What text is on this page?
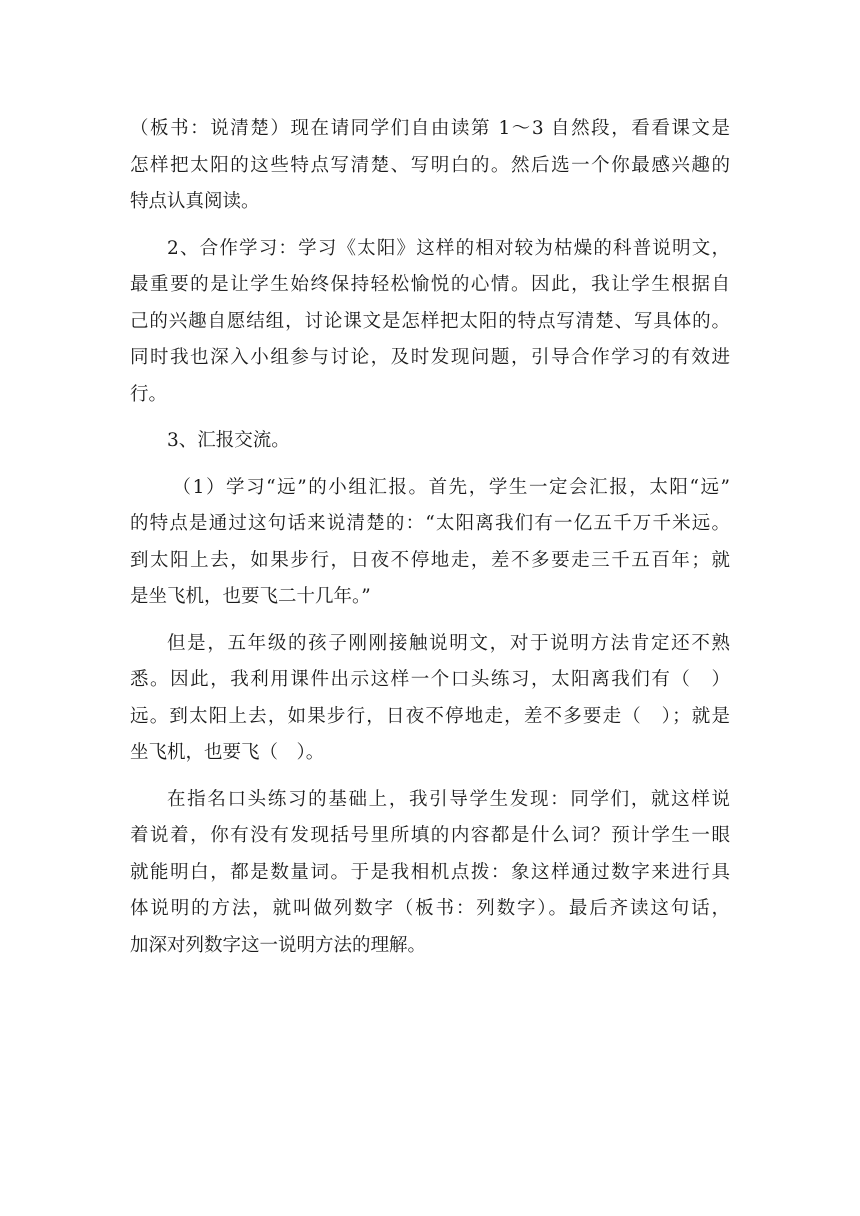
（板书：说清楚）现在请同学们自由读第 1～3 自然段，看看课文是
怎样把太阳的这些特点写清楚、写明白的。然后选一个你最感兴趣的
特点认真阅读。

2、合作学习：学习《太阳》这样的相对较为枯燥的科普说明文，
最重要的是让学生始终保持轻松愉悦的心情。因此，我让学生根据自
己的兴趣自愿结组，讨论课文是怎样把太阳的特点写清楚、写具体的。
同时我也深入小组参与讨论，及时发现问题，引导合作学习的有效进
行。

3、汇报交流。

（1）学习“远”的小组汇报。首先，学生一定会汇报，太阳“远”
的特点是通过这句话来说清楚的：“太阳离我们有一亿五千万千米远。
到太阳上去，如果步行，日夜不停地走，差不多要走三千五百年；就
是坐飞机，也要飞二十几年。”

但是，五年级的孩子刚刚接触说明文，对于说明方法肯定还不熟
悉。因此，我利用课件出示这样一个口头练习，太阳离我们有（　）
远。到太阳上去，如果步行，日夜不停地走，差不多要走（　）；就是
坐飞机，也要飞（　）。

在指名口头练习的基础上，我引导学生发现：同学们，就这样说
着说着，你有没有发现括号里所填的内容都是什么词？预计学生一眼
就能明白，都是数量词。于是我相机点拨：象这样通过数字来进行具
体说明的方法，就叫做列数字（板书：列数字）。最后齐读这句话，
加深对列数字这一说明方法的理解。
